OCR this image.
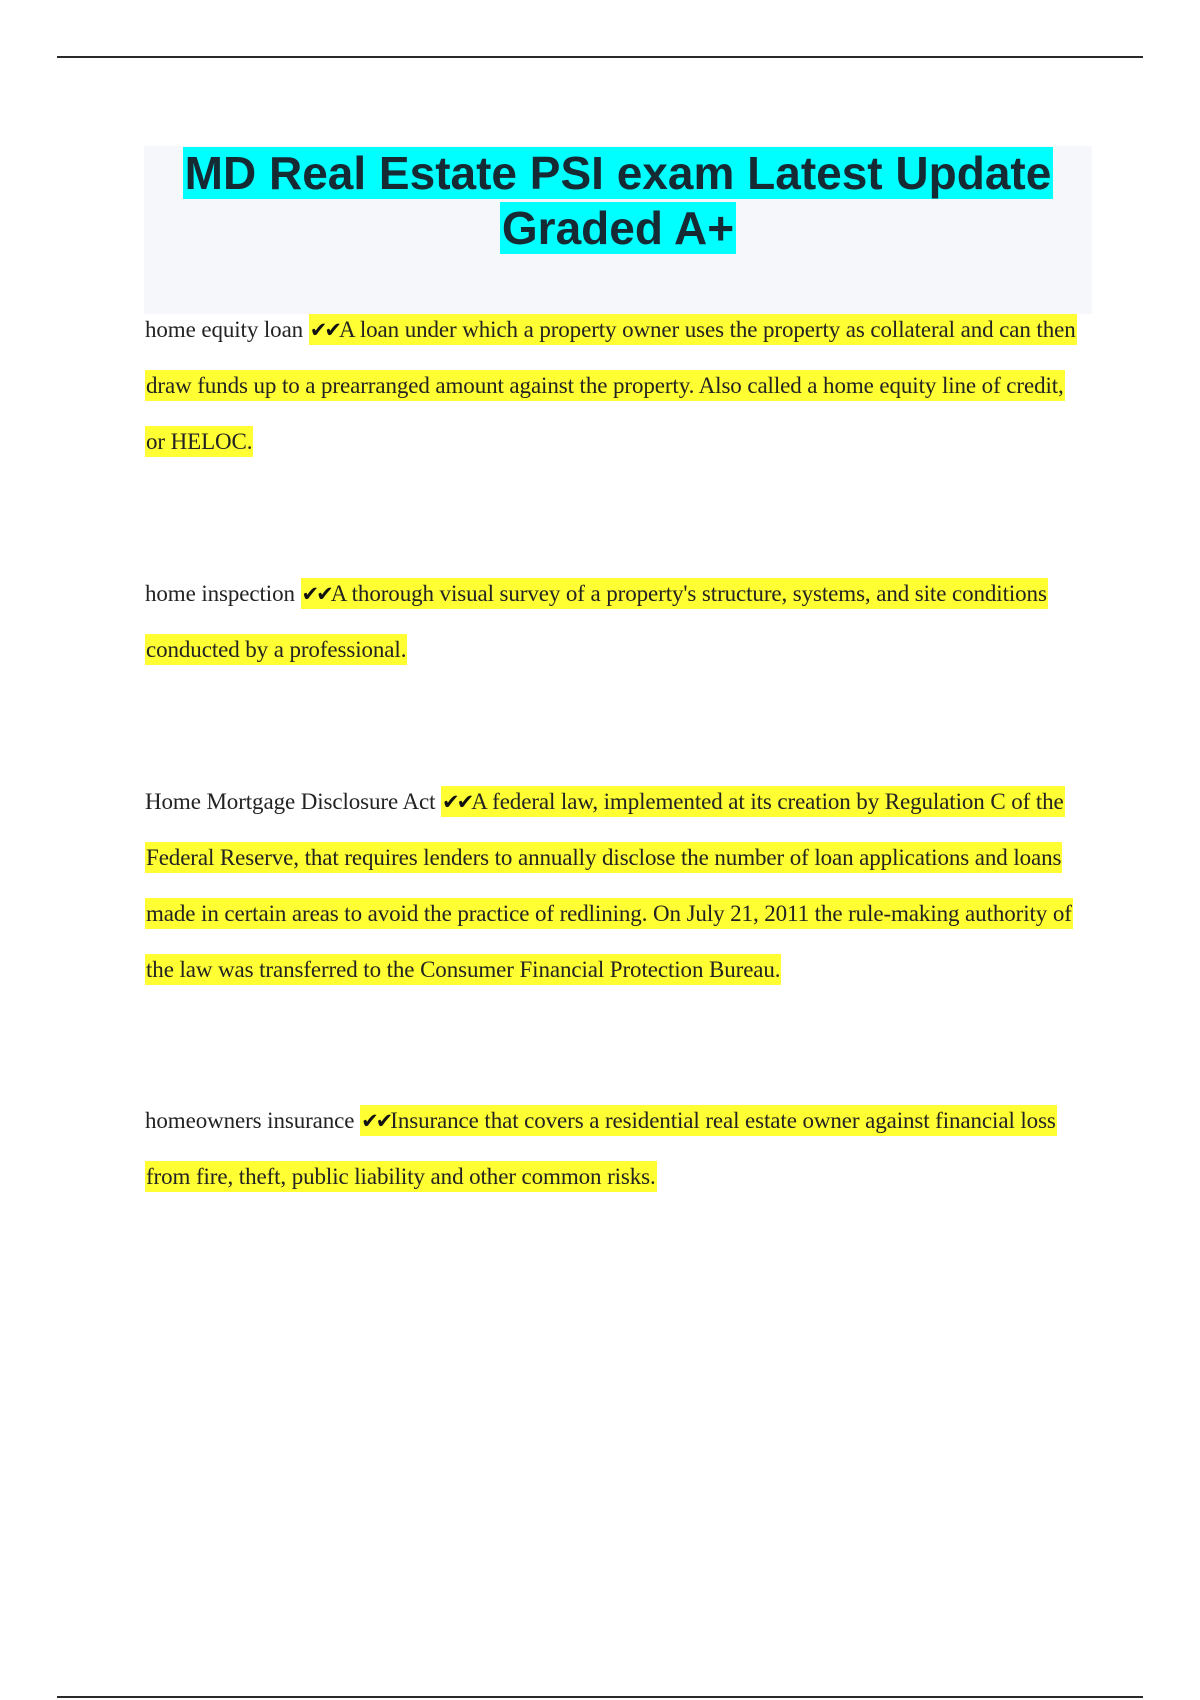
MD Real Estate PSI exam Latest Update Graded A+

home equity loan ✔✔A loan under which a property owner uses the property as collateral and can then draw funds up to a prearranged amount against the property. Also called a home equity line of credit, or HELOC.

home inspection ✔✔A thorough visual survey of a property's structure, systems, and site conditions conducted by a professional.

Home Mortgage Disclosure Act ✔✔A federal law, implemented at its creation by Regulation C of the Federal Reserve, that requires lenders to annually disclose the number of loan applications and loans made in certain areas to avoid the practice of redlining. On July 21, 2011 the rule-making authority of the law was transferred to the Consumer Financial Protection Bureau.

homeowners insurance ✔✔Insurance that covers a residential real estate owner against financial loss from fire, theft, public liability and other common risks.
